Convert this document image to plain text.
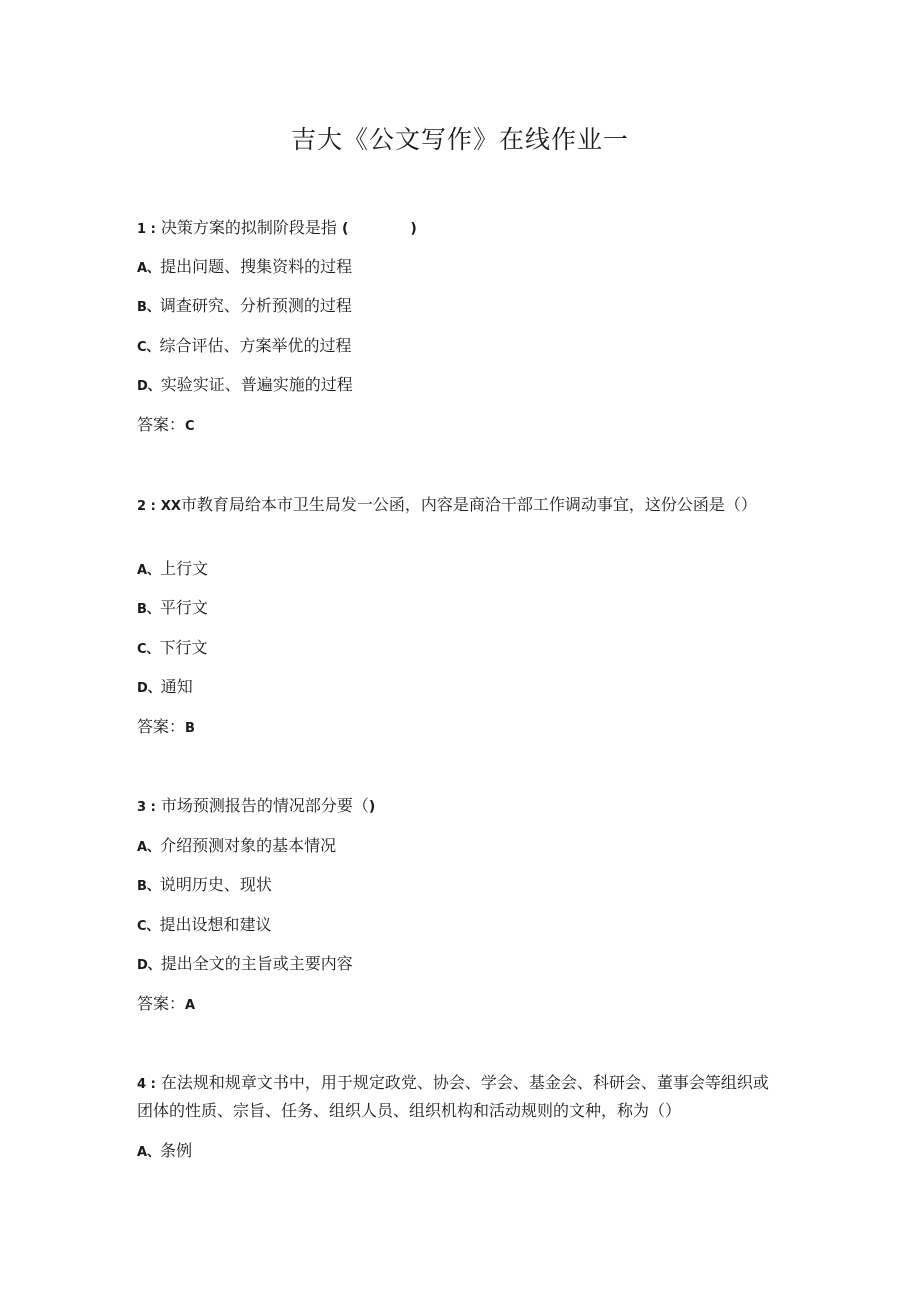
吉大《公文写作》在线作业一
1 : 决策方案的拟制阶段是指 (	)
A、提出问题、搜集资料的过程
B、调查研究、分析预测的过程
C、综合评估、方案举优的过程
D、实验实证、普遍实施的过程
答案：C
2 : XX市教育局给本市卫生局发一公函，内容是商洽干部工作调动事宜，这份公函是（）
A、上行文
B、平行文
C、下行文
D、通知
答案：B
3 : 市场预测报告的情况部分要（)
A、介绍预测对象的基本情况
B、说明历史、现状
C、提出设想和建议
D、提出全文的主旨或主要内容
答案：A
4 : 在法规和规章文书中，用于规定政党、协会、学会、基金会、科研会、董事会等组织或团体的性质、宗旨、任务、组织人员、组织机构和活动规则的文种，称为（）
A、条例
